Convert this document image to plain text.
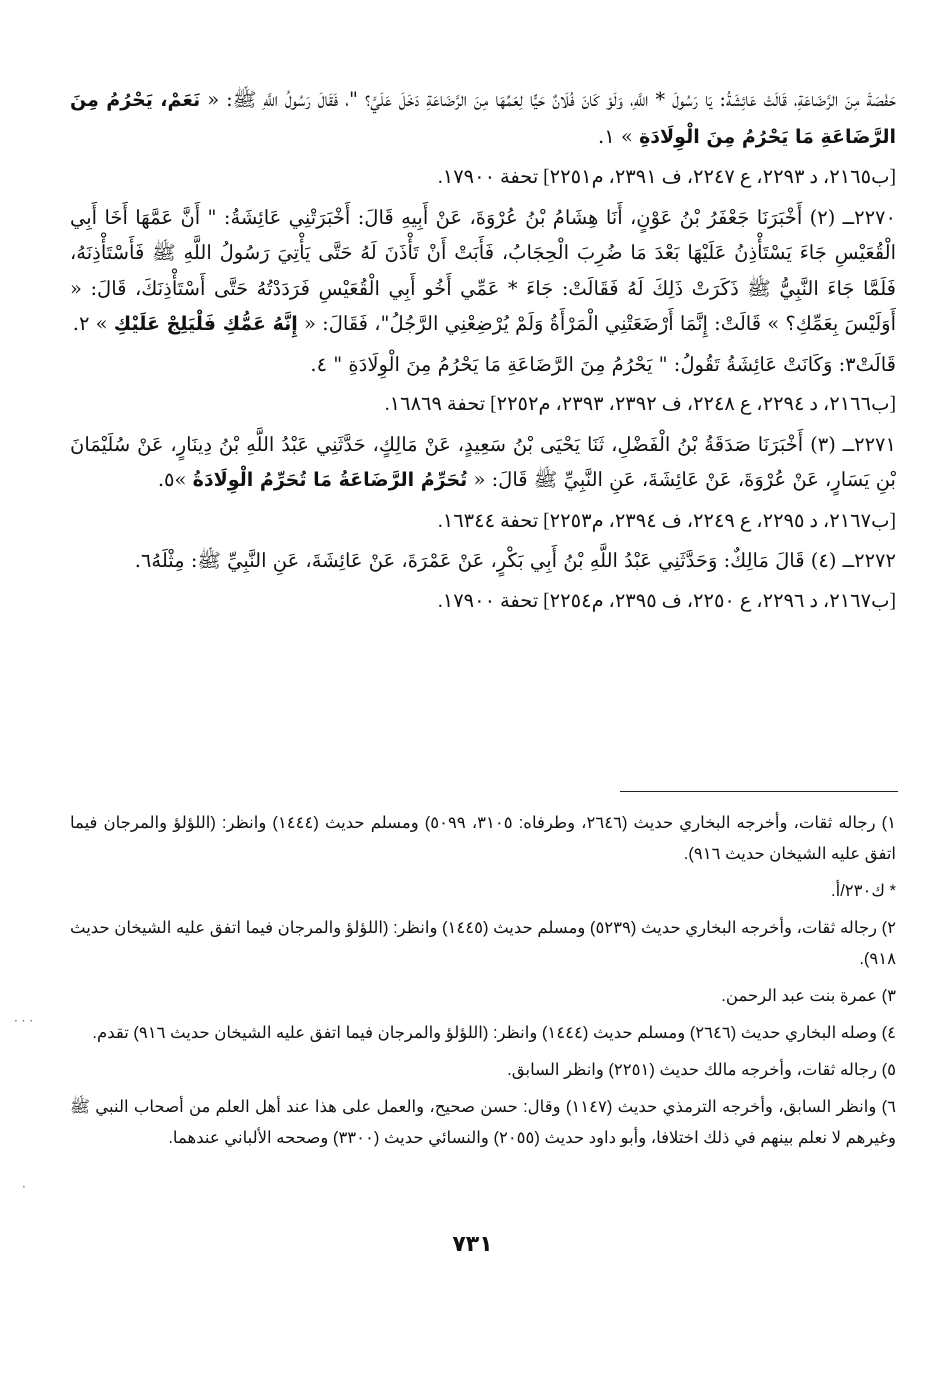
حَفْصَةَ مِنَ الرَّضَاعَةِ، قَالَتْ عَائِشَةُ: يَا رَسُولَ * اللَّهِ، وَلَوْ كَانَ فُلَانٌ حَيًّا لِعَمِّهَا مِنَ الرَّضَاعَةِ دَخَلَ عَلَيَّ؟ "، فَقَالَ رَسُولُ اللَّهِ ﷺ: « نَعَمْ، يَحْرُمُ مِنَ الرَّضَاعَةِ مَا يَحْرُمُ مِنَ الْوِلَادَةِ » ١.

[ب٢١٦٥، د ٢٢٩٣، ع ٢٢٤٧، ف ٢٣٩١، م٢٢٥١] تحفة ١٧٩٠٠.

٢٢٧٠ــ (٢) أَخْبَرَنَا جَعْفَرُ بْنُ عَوْنٍ، أَنَا هِشَامُ بْنُ عُرْوَةَ، عَنْ أَبِيهِ قَالَ: أَخْبَرَتْنِي عَائِشَةُ: " أَنَّ عَمَّهَا أَخَا أَبِي الْقُعَيْسِ جَاءَ يَسْتَأْذِنُ عَلَيْهَا بَعْدَ مَا ضُرِبَ الْحِجَابُ، فَأَبَتْ أَنْ تَأْذَنَ لَهُ حَتَّى يَأْتِيَ رَسُولُ اللَّهِ ﷺ فَأَسْتَأْذِنَهُ، فَلَمَّا جَاءَ النَّبِيُّ ﷺ ذَكَرَتْ ذَلِكَ لَهُ فَقَالَتْ: جَاءَ * عَمِّي أَخُو أَبِي الْقُعَيْسِ فَرَدَدْتُهُ حَتَّى أَسْتَأْذِنَكَ، قَالَ: « أَوَلَيْسَ بِعَمِّكِ؟ » قَالَتْ: إِنَّمَا أَرْضَعَتْنِي الْمَرْأَةُ وَلَمْ يُرْضِعْنِي الرَّجُلُ"، فَقَالَ: « إِنَّهُ عَمُّكِ فَلْيَلِجْ عَلَيْكِ » ٢.

قَالَتْ٣: وَكَانَتْ عَائِشَةُ تَقُولُ: " يَحْرُمُ مِنَ الرَّضَاعَةِ مَا يَحْرُمُ مِنَ الْوِلَادَةِ " ٤.

[ب٢١٦٦، د ٢٢٩٤، ع ٢٢٤٨، ف ٢٣٩٢، ٢٣٩٣، م٢٢٥٢] تحفة ١٦٨٦٩.

٢٢٧١ــ (٣) أَخْبَرَنَا صَدَقَةُ بْنُ الْفَضْلِ، ثَنَا يَحْيَى بْنُ سَعِيدٍ، عَنْ مَالِكٍ، حَدَّثَنِي عَبْدُ اللَّهِ بْنُ دِينَارٍ، عَنْ سُلَيْمَانَ بْنِ يَسَارٍ، عَنْ عُرْوَةَ، عَنْ عَائِشَةَ، عَنِ النَّبِيِّ ﷺ قَالَ: « تُحَرِّمُ الرَّضَاعَةُ مَا تُحَرِّمُ الْوِلَادَةُ »٥.

[ب٢١٦٧، د ٢٢٩٥، ع ٢٢٤٩، ف ٢٣٩٤، م٢٢٥٣] تحفة ١٦٣٤٤.

٢٢٧٢ــ (٤) قَالَ مَالِكٌ: وَحَدَّثَنِي عَبْدُ اللَّهِ بْنُ أَبِي بَكْرٍ، عَنْ عَمْرَةَ، عَنْ عَائِشَةَ، عَنِ النَّبِيِّ ﷺ: مِثْلَهُ٦.

[ب٢١٦٧، د ٢٢٩٦، ع ٢٢٥٠، ف ٢٣٩٥، م٢٢٥٤] تحفة ١٧٩٠٠.

١) رجاله ثقات، وأخرجه البخاري حديث (٢٦٤٦، وطرفاه: ٣١٠٥، ٥٠٩٩) ومسلم حديث (١٤٤٤) وانظر: (اللؤلؤ والمرجان فيما اتفق عليه الشيخان حديث ٩١٦).

* ك٢٣٠/أ.

٢) رجاله ثقات، وأخرجه البخاري حديث (٥٢٣٩) ومسلم حديث (١٤٤٥) وانظر: (اللؤلؤ والمرجان فيما اتفق عليه الشيخان حديث ٩١٨).

٣) عمرة بنت عبد الرحمن.

٤) وصله البخاري حديث (٢٦٤٦) ومسلم حديث (١٤٤٤) وانظر: (اللؤلؤ والمرجان فيما اتفق عليه الشيخان حديث ٩١٦) تقدم.

٥) رجاله ثقات، وأخرجه مالك حديث (٢٢٥١) وانظر السابق.

٦) وانظر السابق، وأخرجه الترمذي حديث (١١٤٧) وقال: حسن صحيح، والعمل على هذا عند أهل العلم من أصحاب النبي ﷺ وغيرهم لا نعلم بينهم في ذلك اختلافا، وأبو داود حديث (٢٠٥٥) والنسائي حديث (٣٣٠٠) وصححه الألباني عندهما.

٧٣١
· · ·
·
